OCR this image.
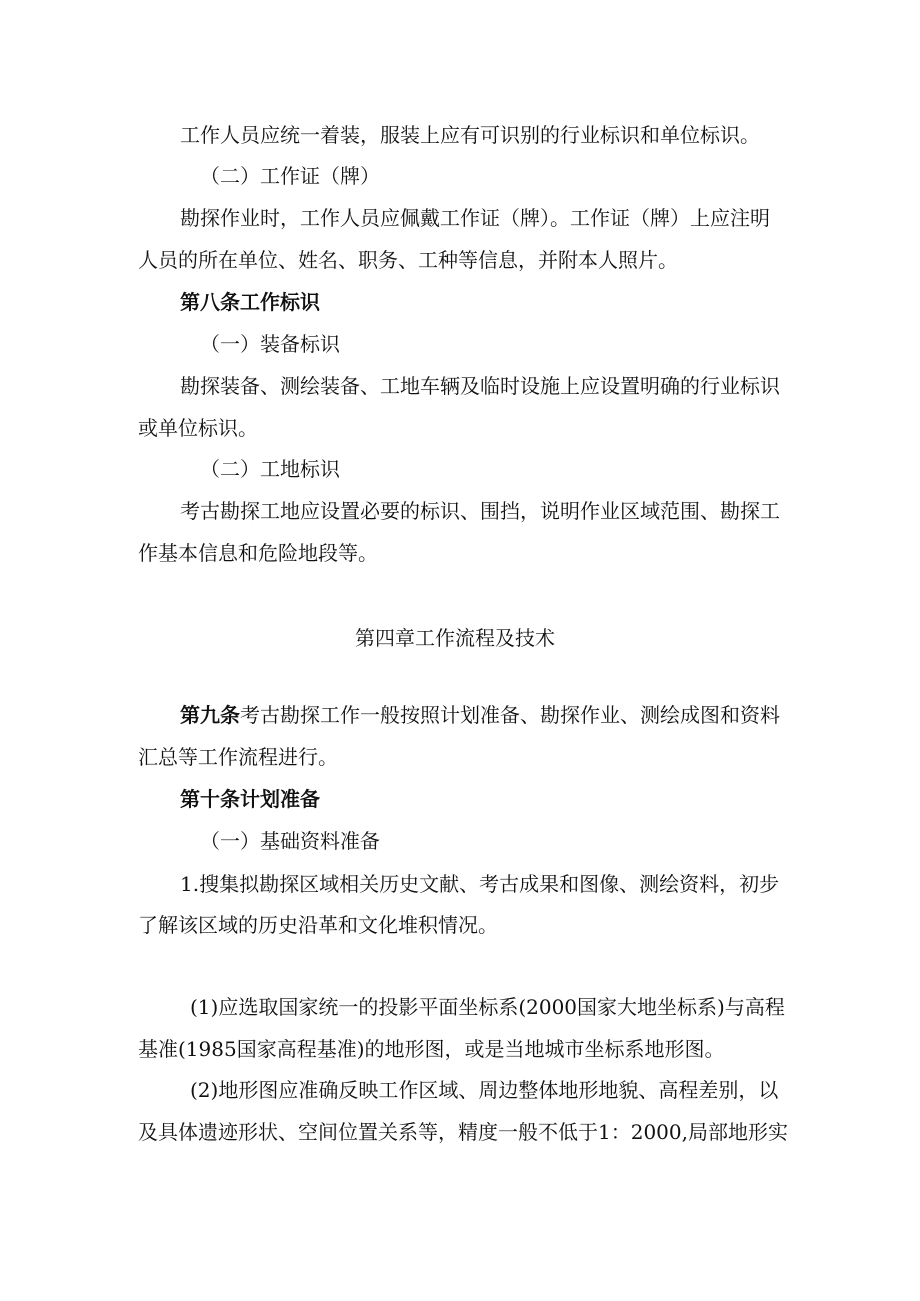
工作人员应统一着装，服装上应有可识别的行业标识和单位标识。
（二）工作证（牌）
勘探作业时，工作人员应佩戴工作证（牌）。工作证（牌）上应注明
人员的所在单位、姓名、职务、工种等信息，并附本人照片。
第八条工作标识
（一）装备标识
勘探装备、测绘装备、工地车辆及临时设施上应设置明确的行业标识
或单位标识。
（二）工地标识
考古勘探工地应设置必要的标识、围挡，说明作业区域范围、勘探工
作基本信息和危险地段等。
第四章工作流程及技术
第九条考古勘探工作一般按照计划准备、勘探作业、测绘成图和资料
汇总等工作流程进行。
第十条计划准备
（一）基础资料准备
1.搜集拟勘探区域相关历史文献、考古成果和图像、测绘资料，初步
了解该区域的历史沿革和文化堆积情况。
(1)应选取国家统一的投影平面坐标系(2000国家大地坐标系)与高程
基准(1985国家高程基准)的地形图，或是当地城市坐标系地形图。
(2)地形图应准确反映工作区域、周边整体地形地貌、高程差别，以
及具体遗迹形状、空间位置关系等，精度一般不低于1：2000,局部地形实
